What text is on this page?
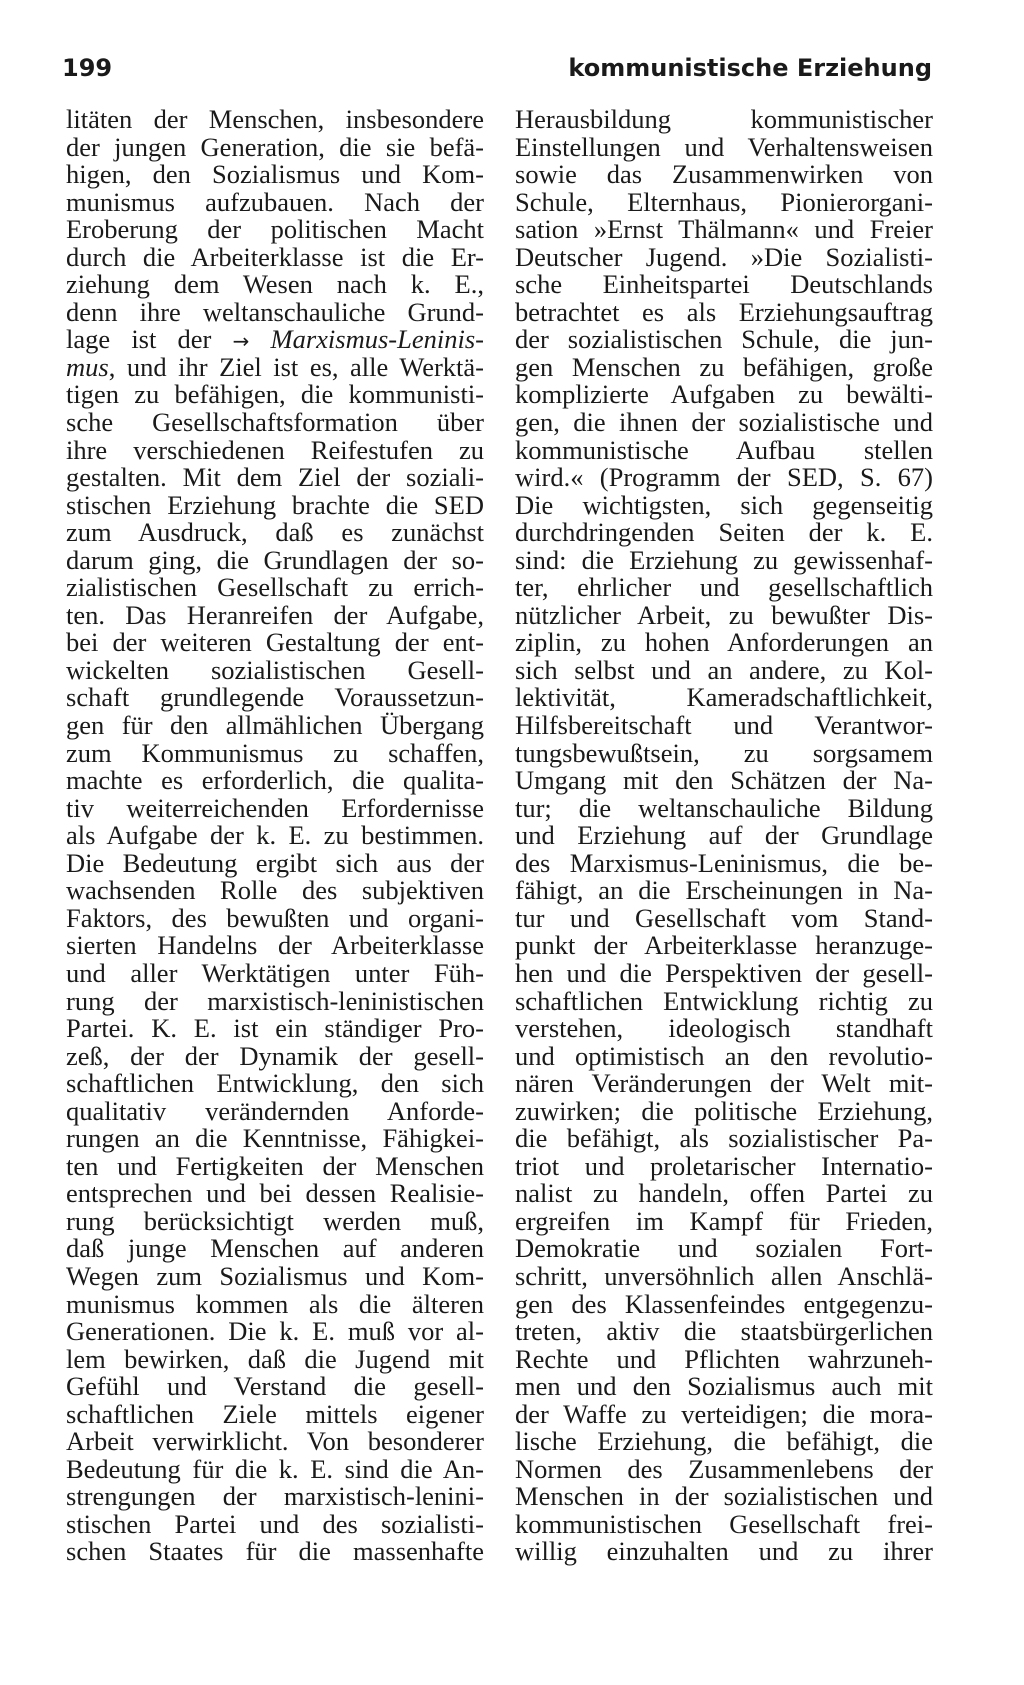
199	kommunistische Erziehung
litäten der Menschen, insbesondere
der jungen Generation, die sie befä-
higen, den Sozialismus und Kom-
munismus aufzubauen. Nach der
Eroberung der politischen Macht
durch die Arbeiterklasse ist die Er-
ziehung dem Wesen nach k. E.,
denn ihre weltanschauliche Grund-
lage ist der → Marxismus-Leninis-
mus, und ihr Ziel ist es, alle Werktä-
tigen zu befähigen, die kommunisti-
sche Gesellschaftsformation über
ihre verschiedenen Reifestufen zu
gestalten. Mit dem Ziel der soziali-
stischen Erziehung brachte die SED
zum Ausdruck, daß es zunächst
darum ging, die Grundlagen der so-
zialistischen Gesellschaft zu errich-
ten. Das Heranreifen der Aufgabe,
bei der weiteren Gestaltung der ent-
wickelten sozialistischen Gesell-
schaft grundlegende Voraussetzun-
gen für den allmählichen Übergang
zum Kommunismus zu schaffen,
machte es erforderlich, die qualita-
tiv weiterreichenden Erfordernisse
als Aufgabe der k. E. zu bestimmen.
Die Bedeutung ergibt sich aus der
wachsenden Rolle des subjektiven
Faktors, des bewußten und organi-
sierten Handelns der Arbeiterklasse
und aller Werktätigen unter Füh-
rung der marxistisch-leninistischen
Partei. K. E. ist ein ständiger Pro-
zeß, der der Dynamik der gesell-
schaftlichen Entwicklung, den sich
qualitativ verändernden Anforde-
rungen an die Kenntnisse, Fähigkei-
ten und Fertigkeiten der Menschen
entsprechen und bei dessen Realisie-
rung berücksichtigt werden muß,
daß junge Menschen auf anderen
Wegen zum Sozialismus und Kom-
munismus kommen als die älteren
Generationen. Die k. E. muß vor al-
lem bewirken, daß die Jugend mit
Gefühl und Verstand die gesell-
schaftlichen Ziele mittels eigener
Arbeit verwirklicht. Von besonderer
Bedeutung für die k. E. sind die An-
strengungen der marxistisch-lenini-
stischen Partei und des sozialisti-
schen Staates für die massenhafte
Herausbildung kommunistischer
Einstellungen und Verhaltensweisen
sowie das Zusammenwirken von
Schule, Elternhaus, Pionierorgani-
sation »Ernst Thälmann« und Freier
Deutscher Jugend. »Die Sozialisti-
sche Einheitspartei Deutschlands
betrachtet es als Erziehungsauftrag
der sozialistischen Schule, die jun-
gen Menschen zu befähigen, große
komplizierte Aufgaben zu bewälti-
gen, die ihnen der sozialistische und
kommunistische Aufbau stellen
wird.« (Programm der SED, S. 67)
Die wichtigsten, sich gegenseitig
durchdringenden Seiten der k. E.
sind: die Erziehung zu gewissenhaf-
ter, ehrlicher und gesellschaftlich
nützlicher Arbeit, zu bewußter Dis-
ziplin, zu hohen Anforderungen an
sich selbst und an andere, zu Kol-
lektivität, Kameradschaftlichkeit,
Hilfsbereitschaft und Verantwor-
tungsbewußtsein, zu sorgsamem
Umgang mit den Schätzen der Na-
tur; die weltanschauliche Bildung
und Erziehung auf der Grundlage
des Marxismus-Leninismus, die be-
fähigt, an die Erscheinungen in Na-
tur und Gesellschaft vom Stand-
punkt der Arbeiterklasse heranzuge-
hen und die Perspektiven der gesell-
schaftlichen Entwicklung richtig zu
verstehen, ideologisch standhaft
und optimistisch an den revolutio-
nären Veränderungen der Welt mit-
zuwirken; die politische Erziehung,
die befähigt, als sozialistischer Pa-
triot und proletarischer Internatio-
nalist zu handeln, offen Partei zu
ergreifen im Kampf für Frieden,
Demokratie und sozialen Fort-
schritt, unversöhnlich allen Anschlä-
gen des Klassenfeindes entgegenzu-
treten, aktiv die staatsbürgerlichen
Rechte und Pflichten wahrzuneh-
men und den Sozialismus auch mit
der Waffe zu verteidigen; die mora-
lische Erziehung, die befähigt, die
Normen des Zusammenlebens der
Menschen in der sozialistischen und
kommunistischen Gesellschaft frei-
willig einzuhalten und zu ihrer
